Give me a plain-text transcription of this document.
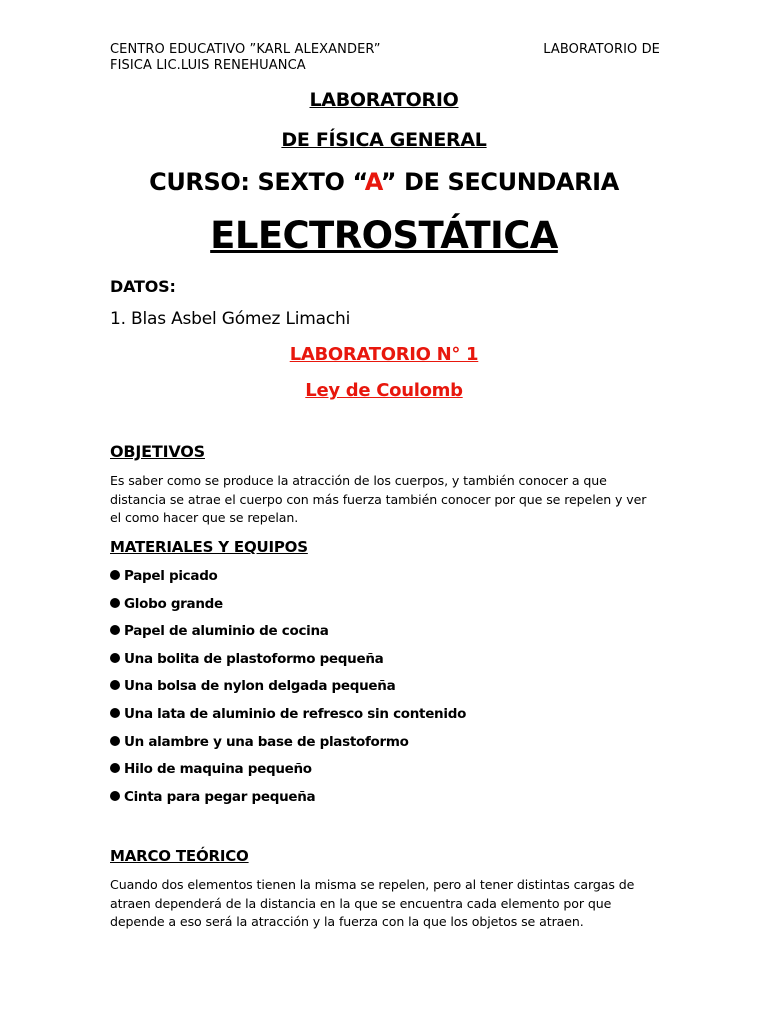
CENTRO EDUCATIVO ”KARL ALEXANDER”	LABORATORIO DE
FISICA LIC.LUIS RENEHUANCA
LABORATORIO
DE FÍSICA GENERAL
CURSO: SEXTO “A” DE SECUNDARIA
ELECTROSTÁTICA
DATOS:
1. Blas Asbel Gómez Limachi
LABORATORIO N° 1
Ley de Coulomb
OBJETIVOS
Es saber como se produce la atracción de los cuerpos, y también conocer a que distancia se atrae el cuerpo con más fuerza también conocer por que se repelen y ver el como hacer que se repelan.
MATERIALES Y EQUIPOS
Papel picado
Globo grande
Papel de aluminio de cocina
Una bolita de plastoformo pequeña
Una bolsa de nylon delgada pequeña
Una lata de aluminio de refresco sin contenido
Un alambre y una base de plastoformo
Hilo de maquina pequeño
Cinta para pegar pequeña
MARCO TEÓRICO
Cuando dos elementos tienen la misma se repelen, pero al tener distintas cargas de atraen dependerá de la distancia en la que se encuentra cada elemento por que depende a eso será la atracción y la fuerza con la que los objetos se atraen.
